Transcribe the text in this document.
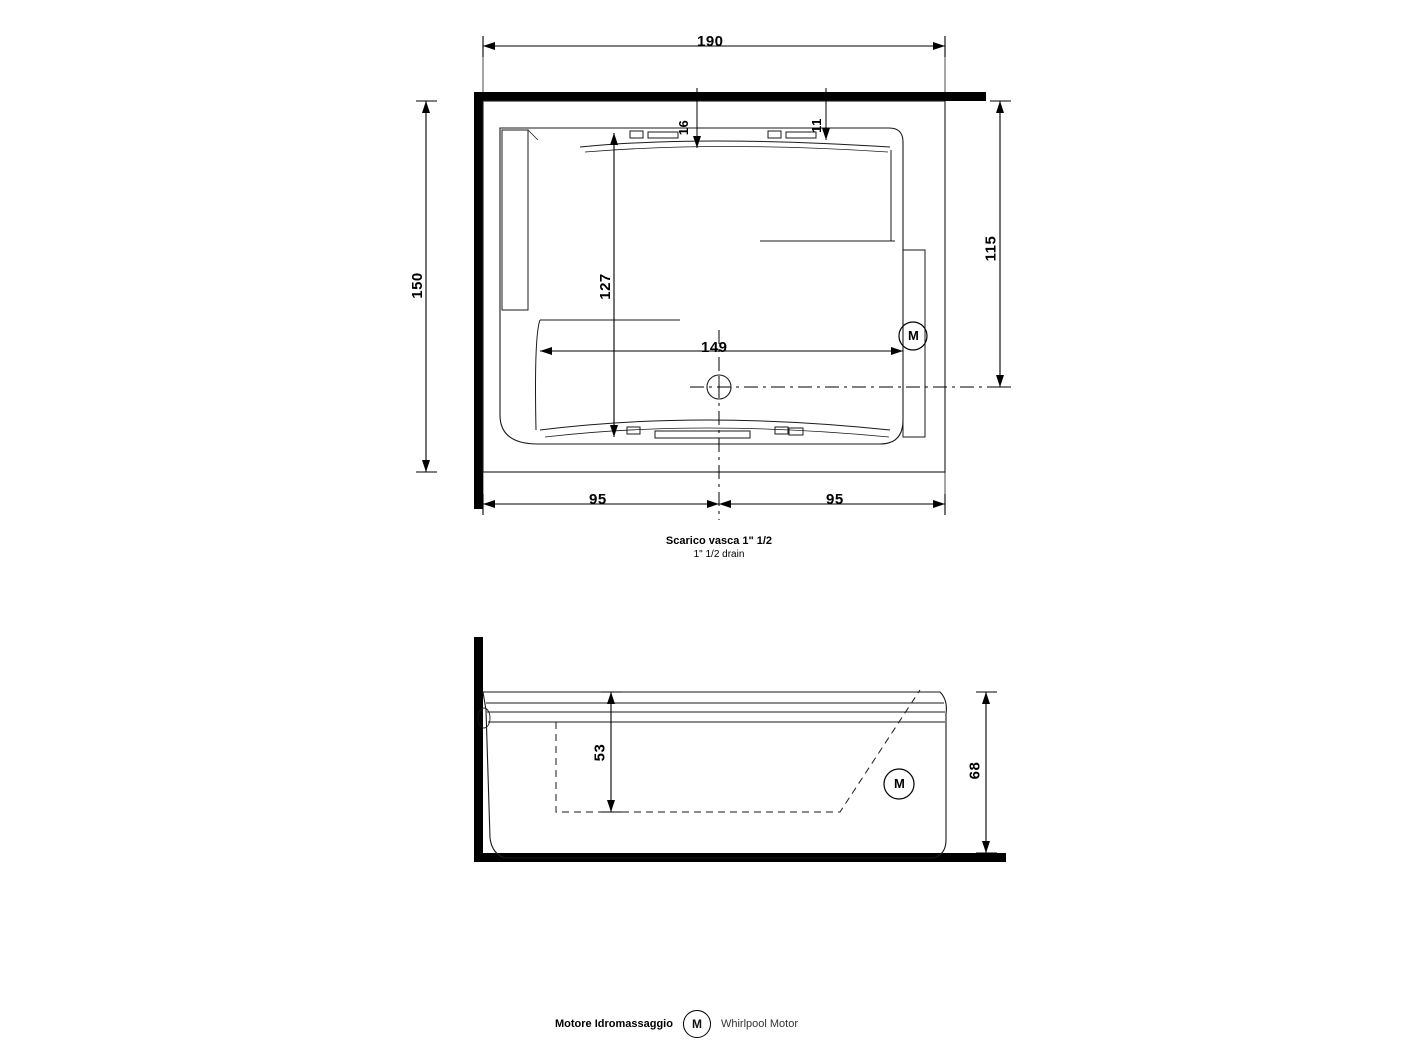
190
150
115
127
149
16	11
95	95
53
68
M
M
Scarico vasca 1" 1/2
1" 1/2 drain
Motore Idromassaggio	M	Whirlpool Motor
